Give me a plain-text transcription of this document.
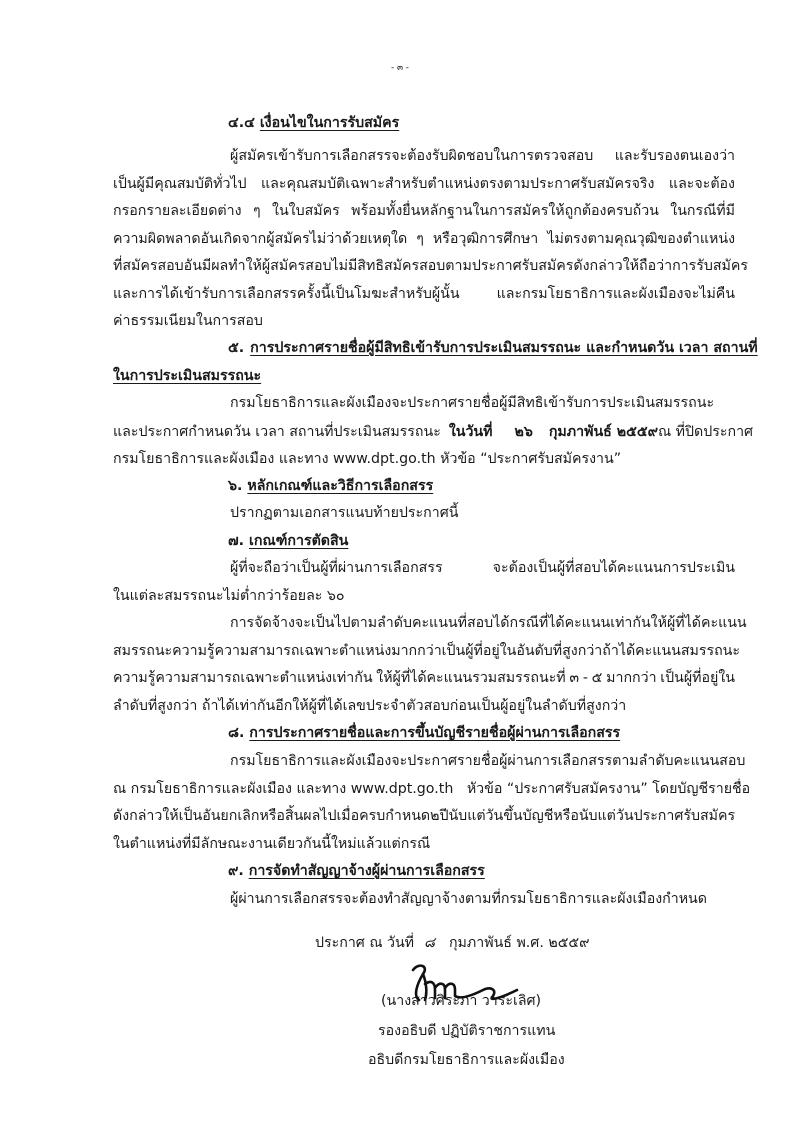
- ๓ -
๔.๔ เงื่อนไขในการรับสมัคร
ผู้สมัครเข้ารับการเลือกสรรจะต้องรับผิดชอบในการตรวจสอบ และรับรองตนเองว่า
เป็นผู้มีคุณสมบัติทั่วไป และคุณสมบัติเฉพาะสำหรับตำแหน่งตรงตามประกาศรับสมัครจริง และจะต้อง
กรอกรายละเอียดต่าง ๆ ในใบสมัคร พร้อมทั้งยื่นหลักฐานในการสมัครให้ถูกต้องครบถ้วน ในกรณีที่มี
ความผิดพลาดอันเกิดจากผู้สมัครไม่ว่าด้วยเหตุใด ๆ หรือวุฒิการศึกษา ไม่ตรงตามคุณวุฒิของตำแหน่ง
ที่สมัครสอบ อันมีผลทำให้ผู้สมัครสอบไม่มีสิทธิสมัครสอบตามประกาศรับสมัครดังกล่าว ให้ถือว่าการรับสมัคร
และการได้เข้ารับการเลือกสรรครั้งนี้เป็นโมฆะสำหรับผู้นั้น	และกรมโยธาธิการและผังเมืองจะไม่คืน
ค่าธรรมเนียมในการสอบ
๕. การประกาศรายชื่อผู้มีสิทธิเข้ารับการประเมินสมรรถนะ และกำหนดวัน เวลา สถานที่
ในการประเมินสมรรถนะ
กรมโยธาธิการและผังเมืองจะประกาศรายชื่อผู้มีสิทธิเข้ารับการประเมินสมรรถนะ
และประกาศกำหนดวัน เวลา สถานที่ประเมินสมรรถนะ ในวันที่ ๒๖ กุมภาพันธ์ ๒๕๕๙ ณ ที่ปิดประกาศ
กรมโยธาธิการและผังเมือง และทาง www.dpt.go.th หัวข้อ “ประกาศรับสมัครงาน”
๖. หลักเกณฑ์และวิธีการเลือกสรร
ปรากฏตามเอกสารแนบท้ายประกาศนี้
๗. เกณฑ์การตัดสิน
ผู้ที่จะถือว่าเป็นผู้ที่ผ่านการเลือกสรร	จะต้องเป็นผู้ที่สอบได้คะแนนการประเมิน
ในแต่ละสมรรถนะไม่ต่ำกว่าร้อยละ ๖๐
การจัดจ้างจะเป็นไปตามลำดับคะแนนที่สอบได้ กรณีที่ได้คะแนนเท่ากันให้ผู้ที่ได้คะแนน
สมรรถนะความรู้ความสามารถเฉพาะตำแหน่งมากกว่าเป็นผู้ที่อยู่ในอันดับที่สูงกว่า ถ้าได้คะแนนสมรรถนะ
ความรู้ความสามารถเฉพาะตำแหน่งเท่ากัน ให้ผู้ที่ได้คะแนนรวมสมรรถนะที่ ๓ - ๕ มากกว่า เป็นผู้ที่อยู่ใน
ลำดับที่สูงกว่า ถ้าได้เท่ากันอีกให้ผู้ที่ได้เลขประจำตัวสอบก่อนเป็นผู้อยู่ในลำดับที่สูงกว่า
๘. การประกาศรายชื่อและการขึ้นบัญชีรายชื่อผู้ผ่านการเลือกสรร
กรมโยธาธิการและผังเมืองจะประกาศรายชื่อผู้ผ่านการเลือกสรรตามลำดับคะแนนสอบ
ณ กรมโยธาธิการและผังเมือง และทาง www.dpt.go.th   หัวข้อ “ประกาศรับสมัครงาน” โดยบัญชีรายชื่อ
ดังกล่าว ให้เป็นอันยกเลิกหรือสิ้นผลไปเมื่อครบกำหนด ๒ ปี นับแต่วันขึ้นบัญชี หรือนับแต่วันประกาศรับสมัคร
ในตำแหน่งที่มีลักษณะงานเดียวกันนี้ใหม่แล้วแต่กรณี
๙. การจัดทำสัญญาจ้างผู้ผ่านการเลือกสรร
ผู้ผ่านการเลือกสรรจะต้องทำสัญญาจ้างตามที่กรมโยธาธิการและผังเมืองกำหนด
ประกาศ ณ วันที่ ๘ กุมภาพันธ์ พ.ศ. ๒๕๕๙
(นางสาวศิระภา วาระเลิศ)
รองอธิบดี ปฏิบัติราชการแทน
อธิบดีกรมโยธาธิการและผังเมือง
